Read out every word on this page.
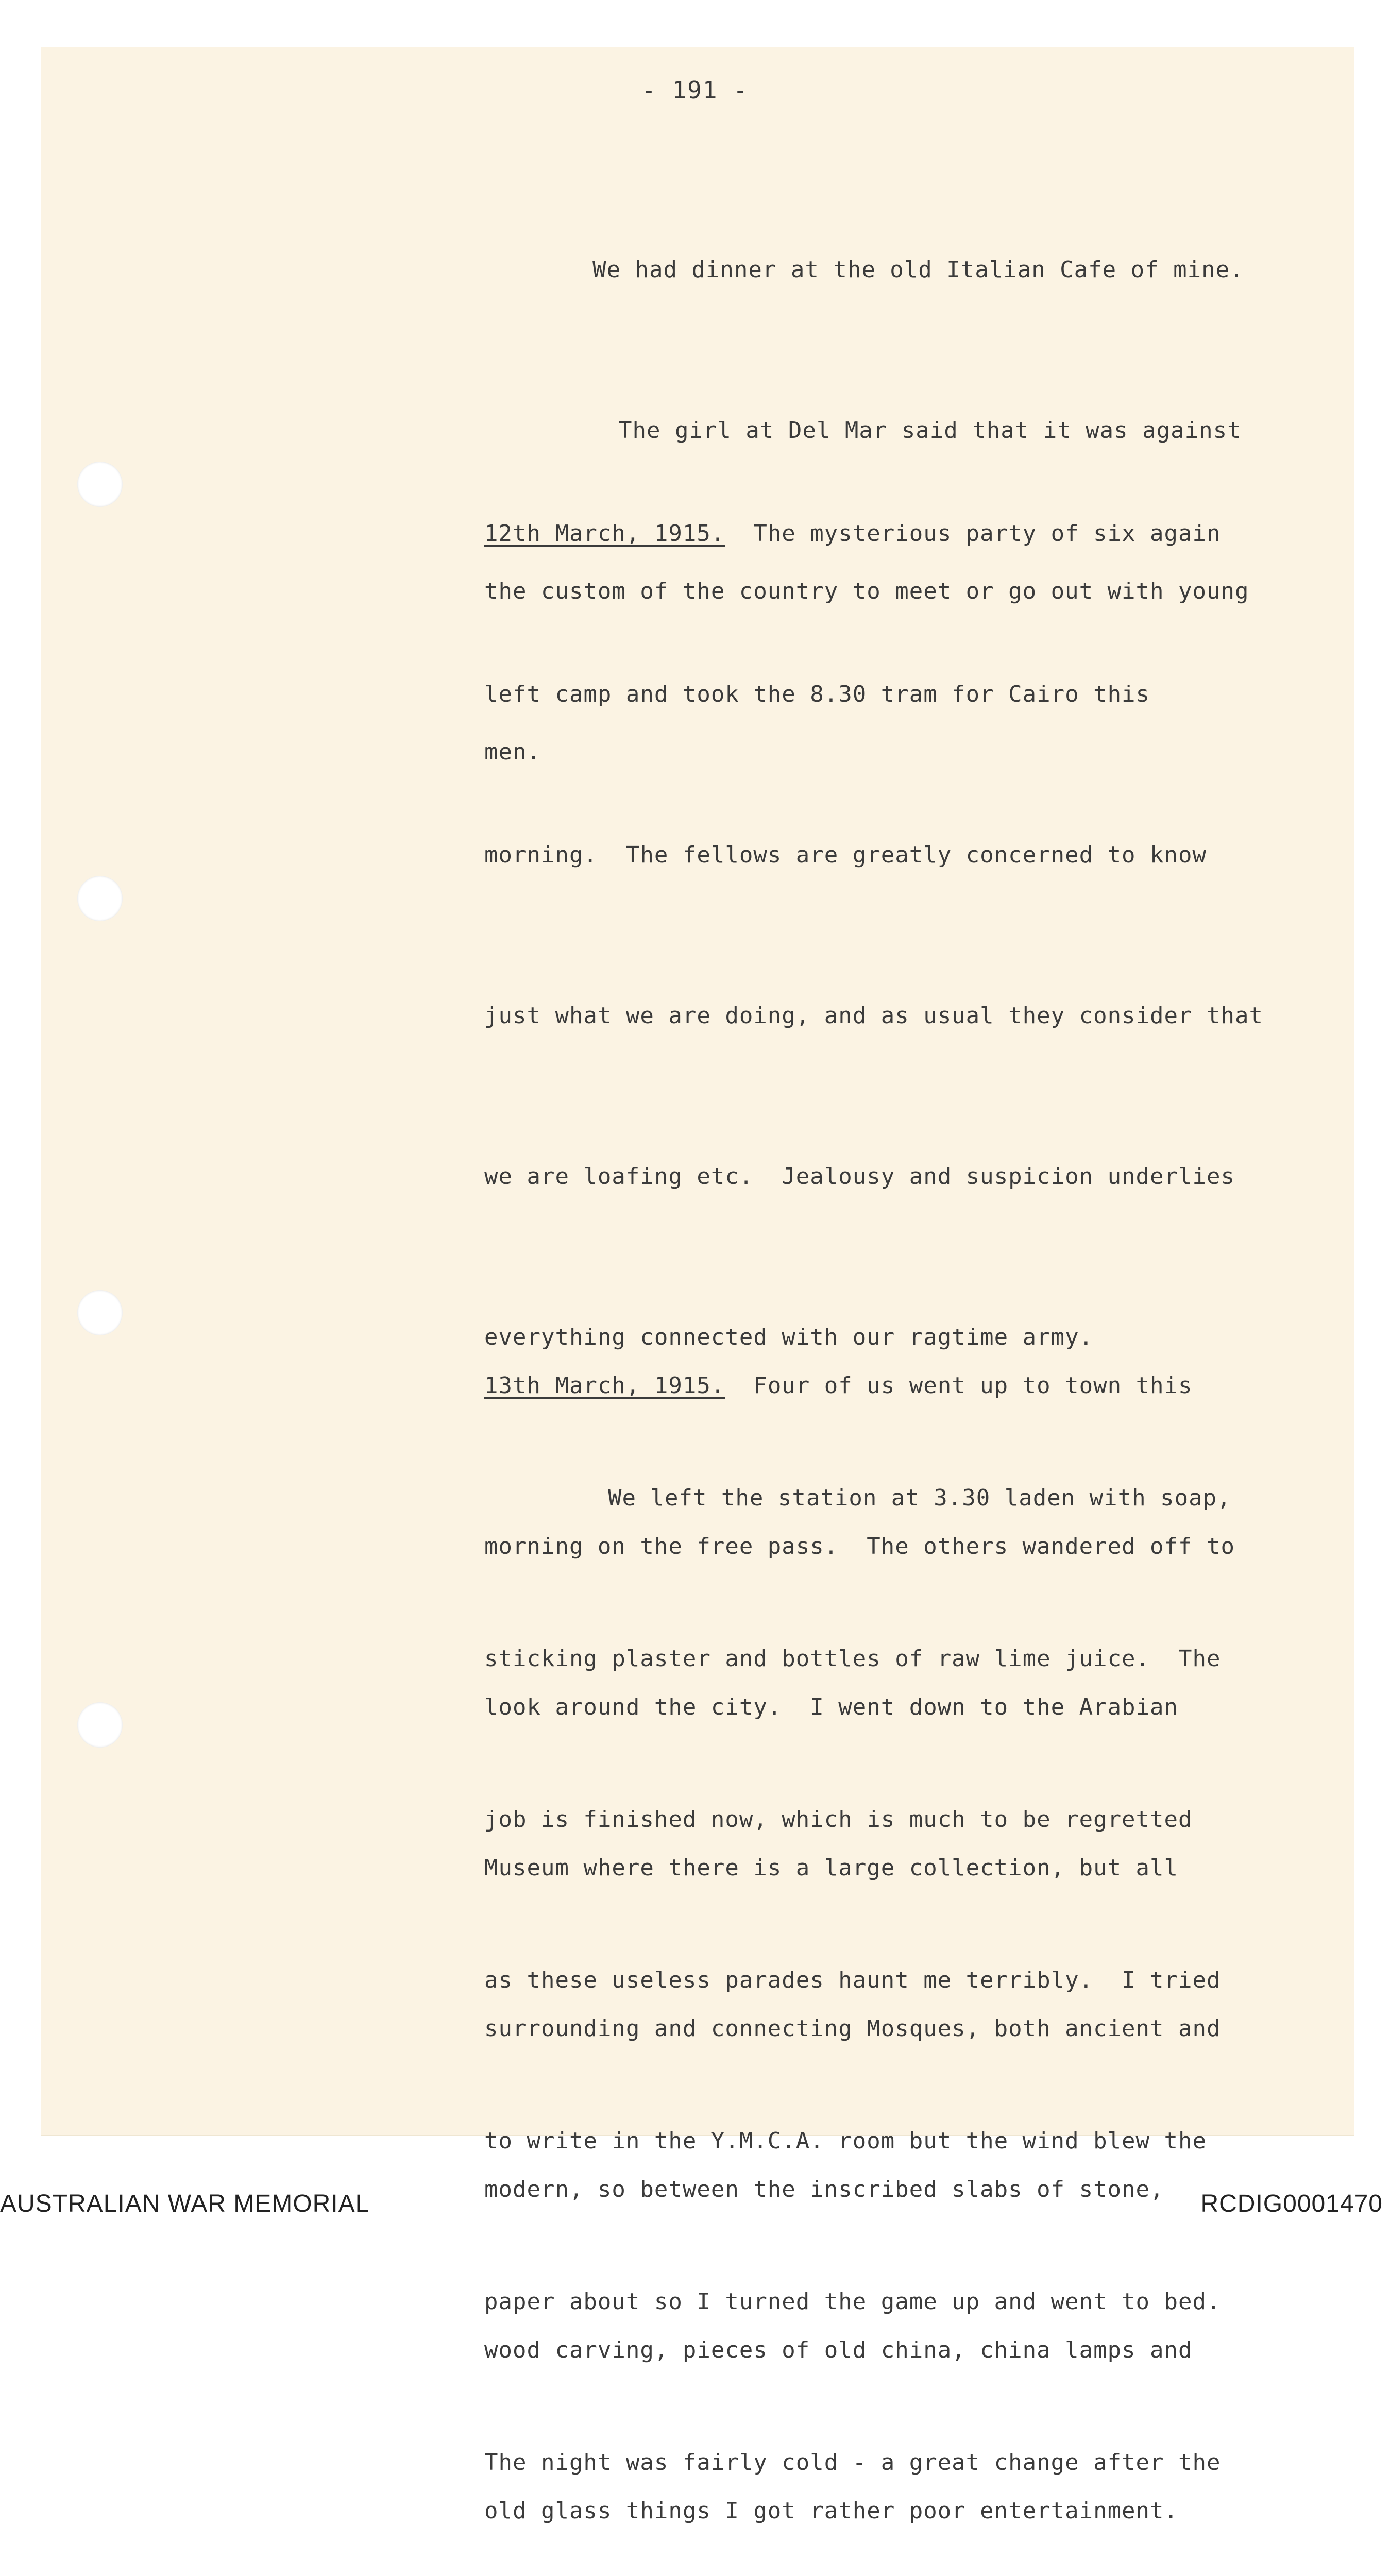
- 191 -

We had dinner at the old Italian Cafe of mine.

The girl at Del Mar said that it was against

the custom of the country to meet or go out with young

men.

12th March, 1915. The mysterious party of six again

left camp and took the 8.30 tram for Cairo this

morning.  The fellows are greatly concerned to know

just what we are doing, and as usual they consider that

we are loafing etc.  Jealousy and suspicion underlies

everything connected with our ragtime army.

We left the station at 3.30 laden with soap,

sticking plaster and bottles of raw lime juice.  The

job is finished now, which is much to be regretted

as these useless parades haunt me terribly.  I tried

to write in the Y.M.C.A. room but the wind blew the

paper about so I turned the game up and went to bed.

The night was fairly cold - a great change after the

13th March, 1915. Four of us went up to town this

morning on the free pass.  The others wandered off to

look around the city.  I went down to the Arabian

Museum where there is a large collection, but all

surrounding and connecting Mosques, both ancient and

modern, so between the inscribed slabs of stone,

wood carving, pieces of old china, china lamps and

old glass things I got rather poor entertainment.

AUSTRALIAN WAR MEMORIAL	RCDIG0001470
